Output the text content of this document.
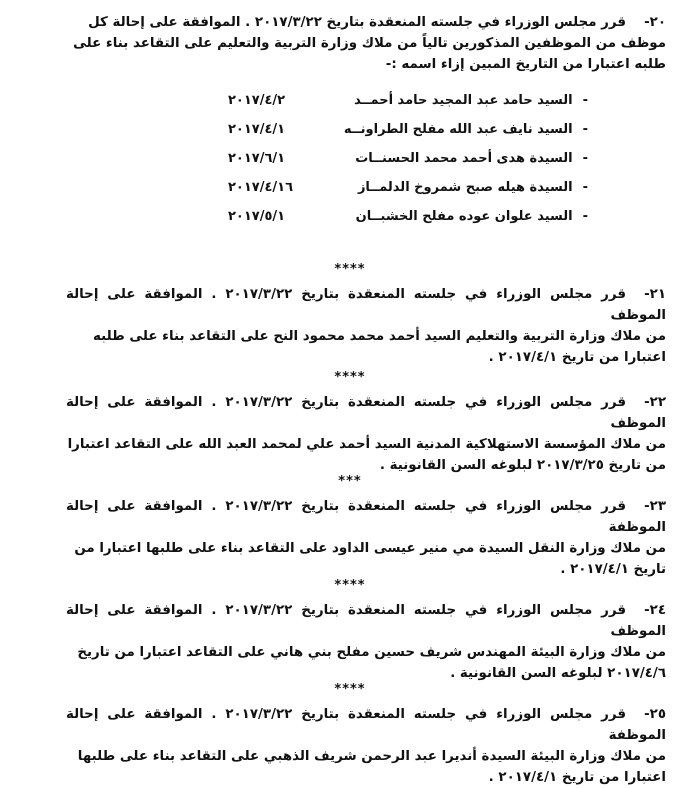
٢٠-قرر مجلس الوزراء في جلسته المنعقدة بتاريخ ٢٠١٧/٣/٢٢ . الموافقة على إحالة كل
موظف من الموظفين المذكورين تالياً من ملاك وزارة التربية والتعليم على التقاعد بناء على
طلبه اعتبارا من التاريخ المبين إزاء اسمه :-
-السيد حامد عبد المجيد حامد أحمــد
٢٠١٧/٤/٢
-السيد نايف عبد الله مفلح الطراونــه
٢٠١٧/٤/١
-السيدة هدى أحمد محمد الحسنــات
٢٠١٧/٦/١
-السيدة هيله صبح شمروخ الدلمــاز
٢٠١٧/٤/١٦
-السيد علوان عوده مفلح الخشبــان
٢٠١٧/٥/١
****
٢١-قرر مجلس الوزراء في جلسته المنعقدة بتاريخ ٢٠١٧/٣/٢٢ . الموافقة على إحالة الموظف
من ملاك وزارة التربية والتعليم السيد أحمد محمد محمود النح على التقاعد بناء على طلبه
اعتبارا من تاريخ ٢٠١٧/٤/١ .
****
٢٢-قرر مجلس الوزراء في جلسته المنعقدة بتاريخ ٢٠١٧/٣/٢٢ . الموافقة على إحالة الموظف
من ملاك المؤسسة الاستهلاكية المدنية السيد أحمد علي لمحمد العبد الله على التقاعد اعتبارا
من تاريخ ٢٠١٧/٣/٢٥ لبلوغه السن القانونية .
***
٢٣-قرر مجلس الوزراء في جلسته المنعقدة بتاريخ ٢٠١٧/٣/٢٢ . الموافقة على إحالة الموظفة
من ملاك وزارة النقل السيدة مي منير عيسى الداود على التقاعد بناء على طلبها اعتبارا من
تاريخ ٢٠١٧/٤/١ .
****
٢٤-قرر مجلس الوزراء في جلسته المنعقدة بتاريخ ٢٠١٧/٣/٢٢ . الموافقة على إحالة الموظف
من ملاك وزارة البيئة المهندس شريف حسين مفلح بني هاني على التقاعد اعتبارا من تاريخ
٢٠١٧/٤/٦ لبلوغه السن القانونية .
****
٢٥-قرر مجلس الوزراء في جلسته المنعقدة بتاريخ ٢٠١٧/٣/٢٢ . الموافقة على إحالة الموظفة
من ملاك وزارة البيئة السيدة أنديرا عبد الرحمن شريف الذهبي على التقاعد بناء على طلبها
اعتبارا من تاريخ ٢٠١٧/٤/١ .
